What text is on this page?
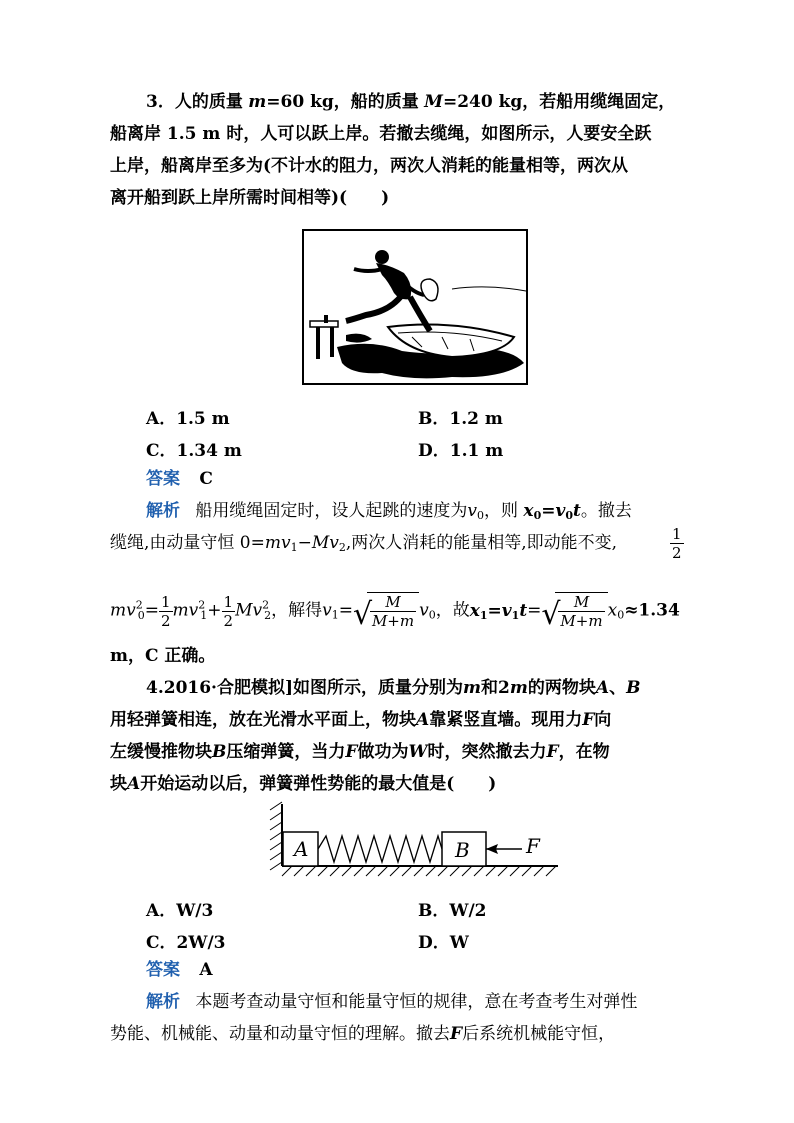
3．人的质量 m=60 kg，船的质量 M=240 kg，若船用缆绳固定，
船离岸 1.5 m 时，人可以跃上岸。若撤去缆绳，如图所示，人要安全跃
上岸，船离岸至多为(不计水的阻力，两次人消耗的能量相等，两次从
离开船到跃上岸所需时间相等)(　　)
A．1.5 m	B．1.2 m
C．1.34 m	D．1.1 m
答案 C
解析 船用缆绳固定时，设人起跳的速度为$v_0$，则 $x_0=v_0t$。撤去
缆绳,由动量守恒 $0=mv_1-Mv_2$,两次人消耗的能量相等,即动能不变,	$\frac{1}{2}$
$mv^2_0= \frac{1}{2} mv^2_1+ \frac{1}{2} Mv^2_2$，解得$v_1=$ √
$\frac{M}{M+m} v_0$，故$x_1=v_1t=$ √
$\frac{M}{M+m} x_0\approx 1.34$
m，C 正确。
4.2016·合肥模拟]如图所示，质量分别为m和2m的两物块A、B
用轻弹簧相连，放在光滑水平面上，物块A靠紧竖直墙。现用力F向
左缓慢推物块B压缩弹簧，当力F做功为W时，突然撤去力F，在物
块A开始运动以后，弹簧弹性势能的最大值是(　　)
A	B	F
A．W/3	B．W/2
C．2W/3	D．W
答案 A
解析 本题考查动量守恒和能量守恒的规律，意在考查考生对弹性
势能、机械能、动量和动量守恒的理解。撤去F后系统机械能守恒，
